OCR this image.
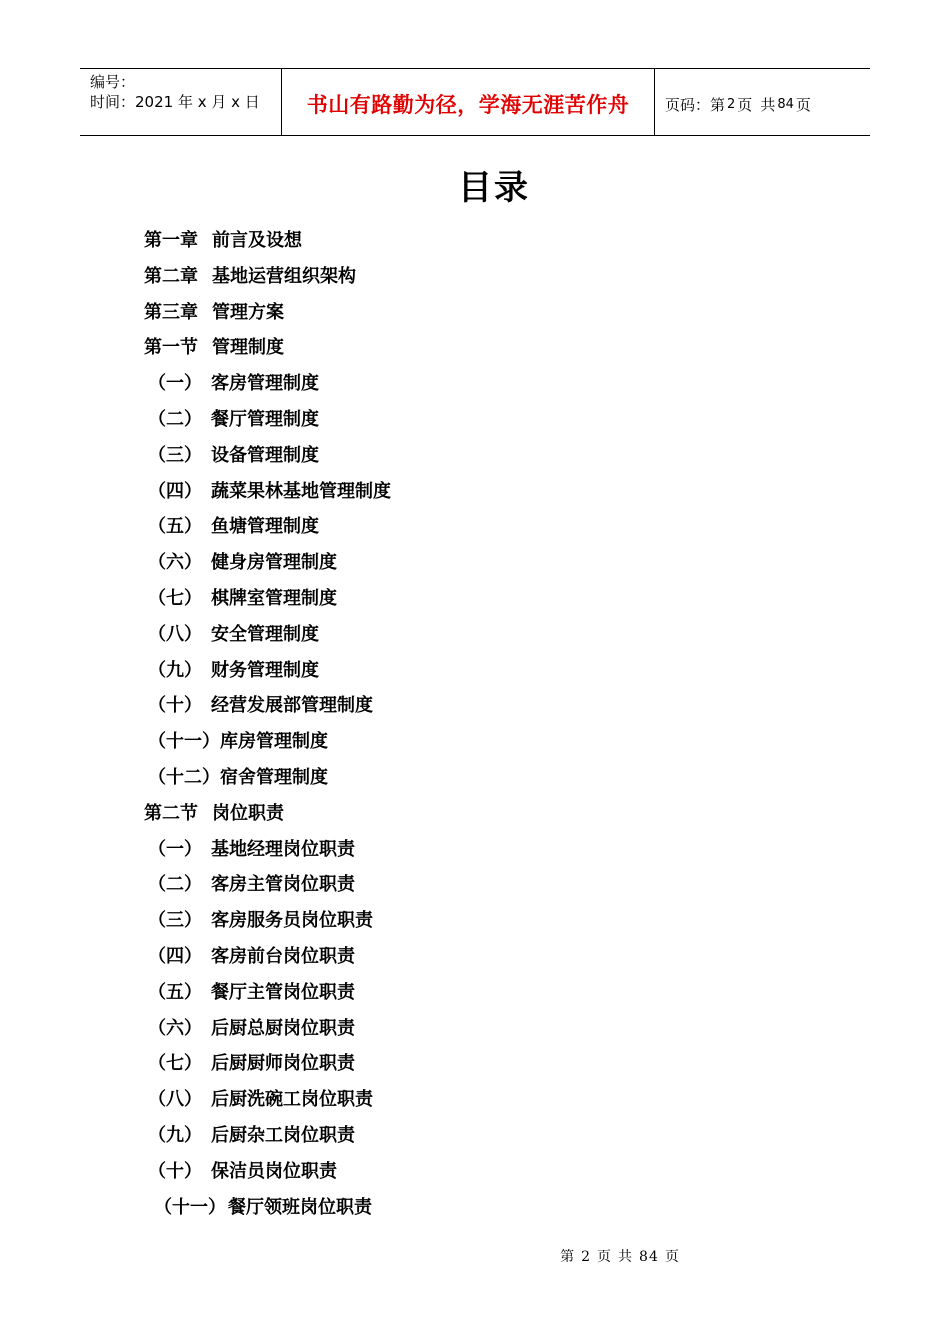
编号：
时间：2021 年 x 月 x 日	书山有路勤为径，学海无涯苦作舟 页码：第 2 页 共 84 页
目录
第一章 前言及设想
第二章 基地运营组织架构
第三章 管理方案
第一节 管理制度
（一） 客房管理制度
（二） 餐厅管理制度
（三） 设备管理制度
（四） 蔬菜果林基地管理制度
（五） 鱼塘管理制度
（六） 健身房管理制度
（七） 棋牌室管理制度
（八） 安全管理制度
（九） 财务管理制度
（十） 经营发展部管理制度
（十一） 库房管理制度
（十二） 宿舍管理制度
第二节 岗位职责
（一） 基地经理岗位职责
（二） 客房主管岗位职责
（三） 客房服务员岗位职责
（四） 客房前台岗位职责
（五） 餐厅主管岗位职责
（六） 后厨总厨岗位职责
（七） 后厨厨师岗位职责
（八） 后厨洗碗工岗位职责
（九） 后厨杂工岗位职责
（十） 保洁员岗位职责
（十一） 餐厅领班岗位职责
第 2 页 共 84 页
